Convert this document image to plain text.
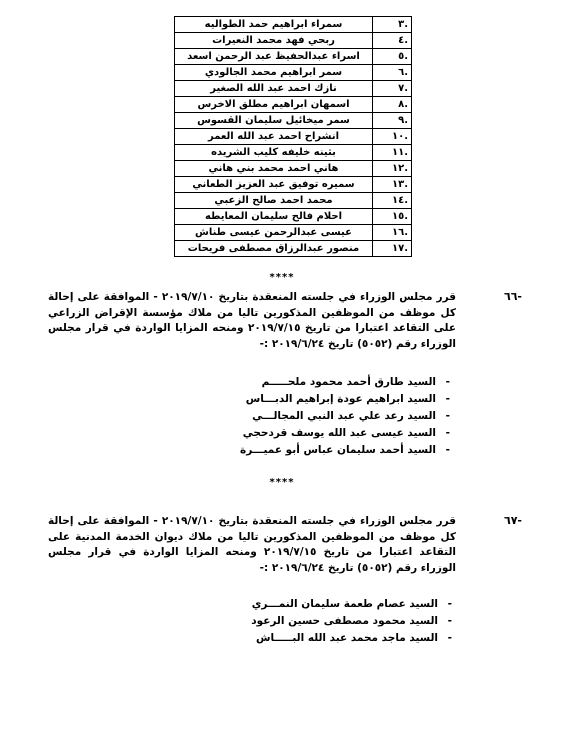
.٣	سمراء ابراهيم حمد الطواليه
.٤	ربحي فهد محمد النعيرات
.٥	اسراء عبدالحفيظ عبد الرحمن اسعد
.٦	سمر ابراهيم محمد الجالودي
.٧	نازك احمد عبد الله الصغير
.٨	اسمهان ابراهيم مطلق الاخرس
.٩	سمر ميخائيل سليمان القسوس
.١٠	انشراح احمد عبد الله العمر
.١١	بثينه خليفه كليب الشريده
.١٢	هاني احمد محمد بني هاني
.١٣	سميره توفيق عبد العزيز الطعاني
.١٤	محمد احمد صالح الزعبي
.١٥	احلام فالح سليمان المعايطه
.١٦	عيسى عبدالرحمن عيسى طناش
.١٧	منصور عبدالرزاق مصطفى فريحات
****
-٦٦
قرر مجلس الوزراء في جلسته المنعقدة بتاريخ ٢٠١٩/٧/١٠ - الموافقة على إحالة كل موظف من الموظفين المذكورين تاليا من ملاك مؤسسة الإقراض الزراعي على التقاعد اعتبارا من تاريخ ٢٠١٩/٧/١٥ ومنحه المزايا الواردة في قرار مجلس الوزراء رقم (٥٠٥٢) تاريخ ٢٠١٩/٦/٢٤ :-
-السيد طارق أحمد محمود ملحـــــم
-السيد ابراهيم عودة إبراهيم الدبـــاس
-السيد رعد علي عبد النبي المجالـــي
-السيد عيسى عبد الله يوسف قردحجي
-السيد أحمد سليمان عباس أبو عميـــرة
****
-٦٧
قرر مجلس الوزراء في جلسته المنعقدة بتاريخ ٢٠١٩/٧/١٠ - الموافقة على إحالة كل موظف من الموظفين المذكورين تاليا من ملاك ديوان الخدمة المدنية على التقاعد اعتبارا من تاريخ ٢٠١٩/٧/١٥ ومنحه المزايا الواردة في قرار مجلس الوزراء رقم (٥٠٥٢) تاريخ ٢٠١٩/٦/٢٤ :-
-السيد عصام طعمة سليمان النمـــري
-السيد محمود مصطفى حسين الرعود
-السيد ماجد محمد عبد الله البـــــاش
